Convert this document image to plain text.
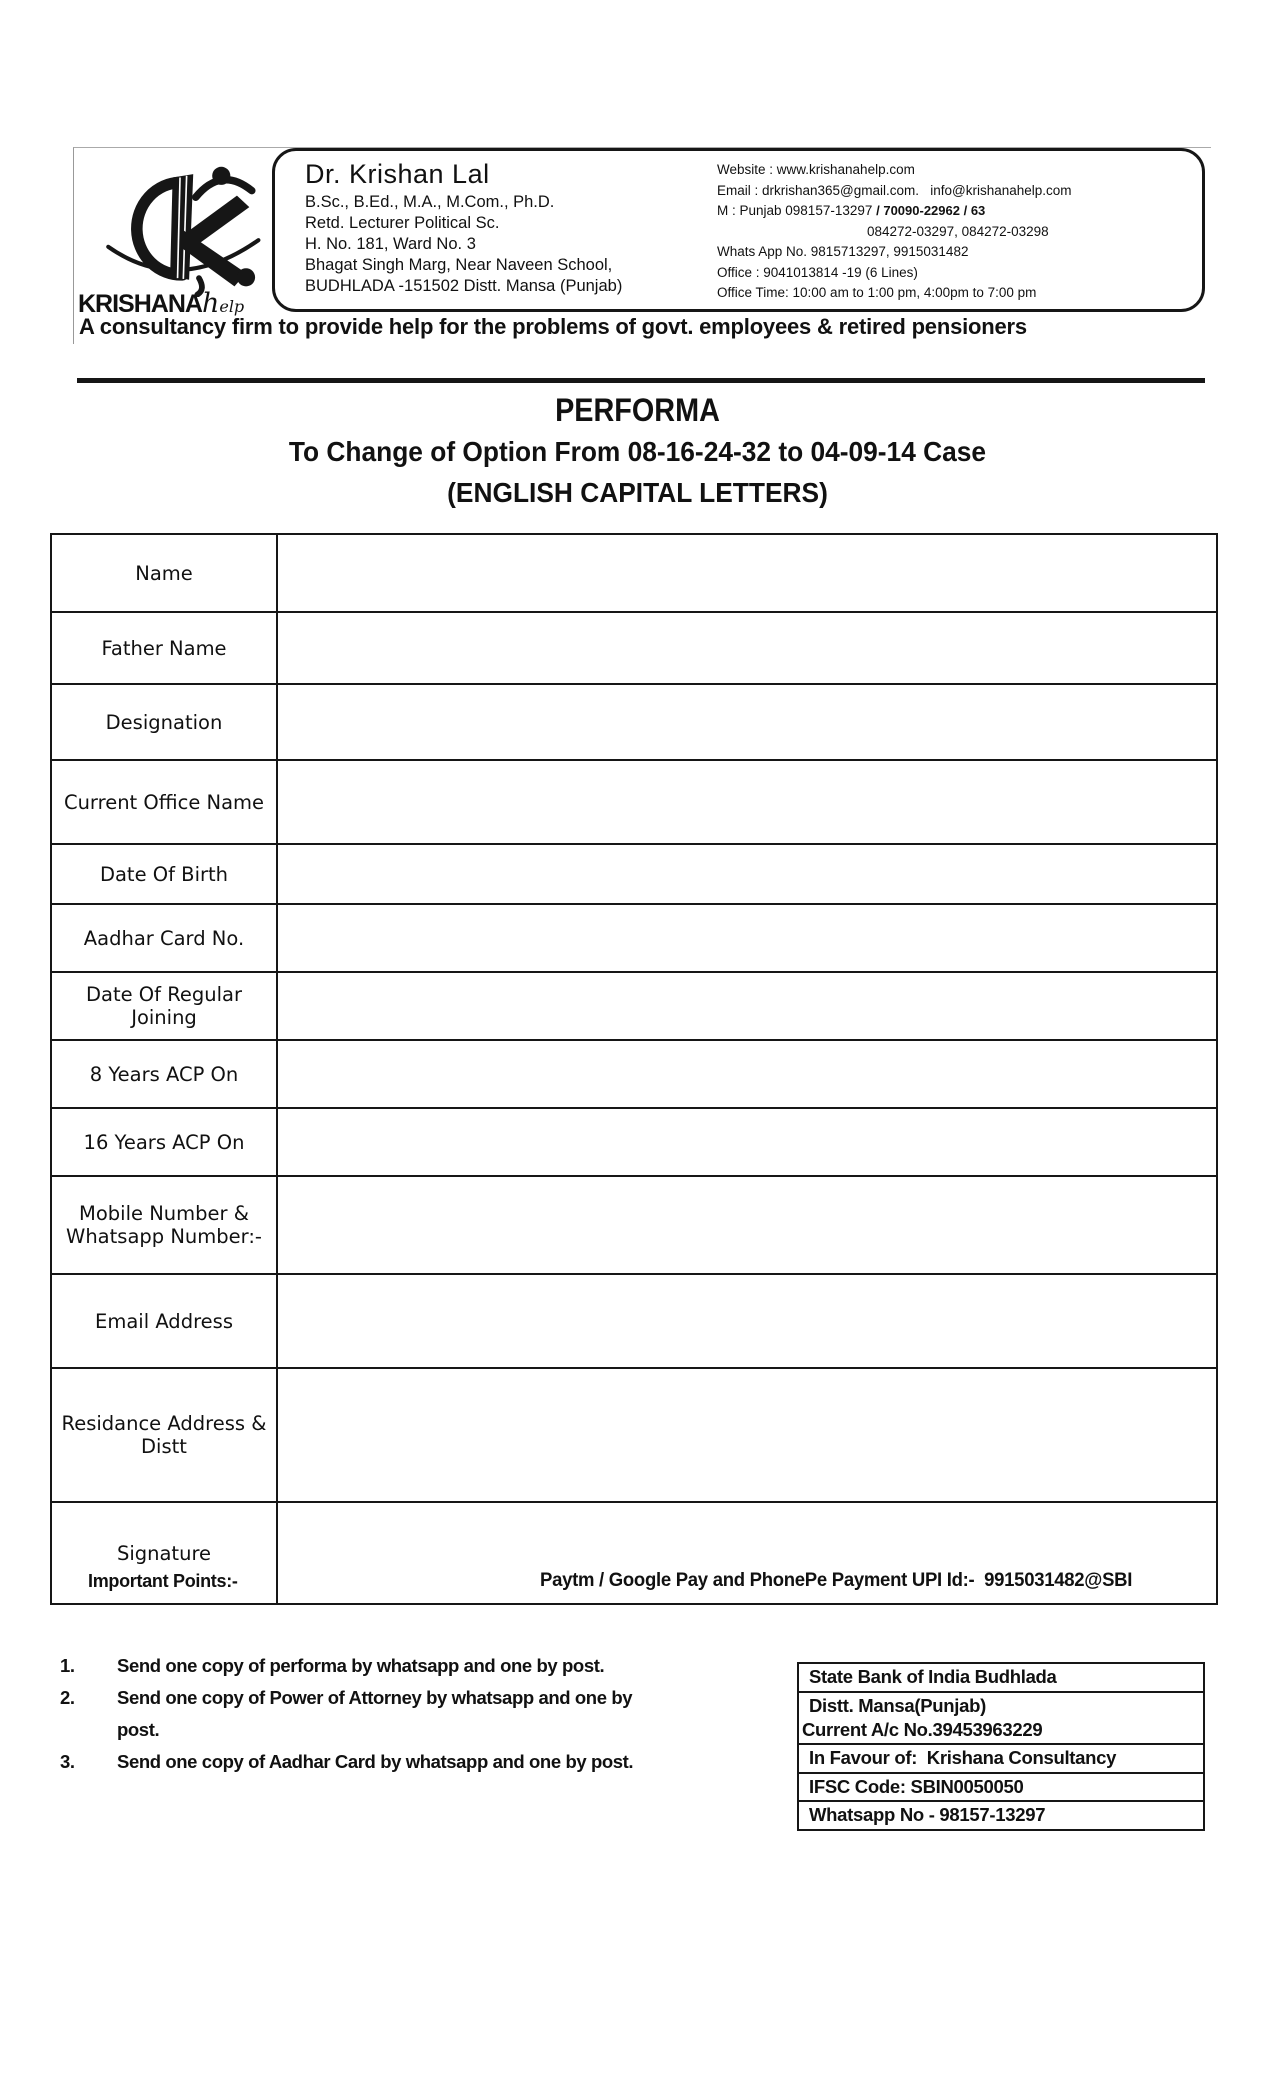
KRISHANAhelp
Dr. Krishan Lal
B.Sc., B.Ed., M.A., M.Com., Ph.D.
Retd. Lecturer Political Sc.
H. No. 181, Ward No. 3
Bhagat Singh Marg, Near Naveen School,
BUDHLADA -151502 Distt. Mansa (Punjab)
Website : www.krishanahelp.com
Email : drkrishan365@gmail.com.   info@krishanahelp.com
M : Punjab 098157-13297 / 70090-22962 / 63
084272-03297, 084272-03298
Whats App No. 9815713297, 9915031482
Office : 9041013814 -19 (6 Lines)
Office Time: 10:00 am to 1:00 pm, 4:00pm to 7:00 pm
A consultancy firm to provide help for the problems of govt. employees & retired pensioners
PERFORMA
To Change of Option From 08-16-24-32 to 04-09-14 Case
(ENGLISH CAPITAL LETTERS)
Name	
Father Name	
Designation	
Current Office Name	
Date Of Birth	
Aadhar Card No.	
Date Of Regular Joining	
8 Years ACP On	
16 Years ACP On	
Mobile Number & Whatsapp Number:-	
Email Address	
Residance Address & Distt	
Signature	
Important Points:-	Paytm / Google Pay and PhonePe Payment UPI Id:-  9915031482@SBI
1.	Send one copy of performa by whatsapp and one by post.
2.	Send one copy of Power of Attorney by whatsapp and one by post.
3.	Send one copy of Aadhar Card by whatsapp and one by post.
State Bank of India Budhlada
Distt. Mansa(Punjab)
Current A/c No.39453963229
In Favour of:  Krishana Consultancy
IFSC Code: SBIN0050050
Whatsapp No - 98157-13297
